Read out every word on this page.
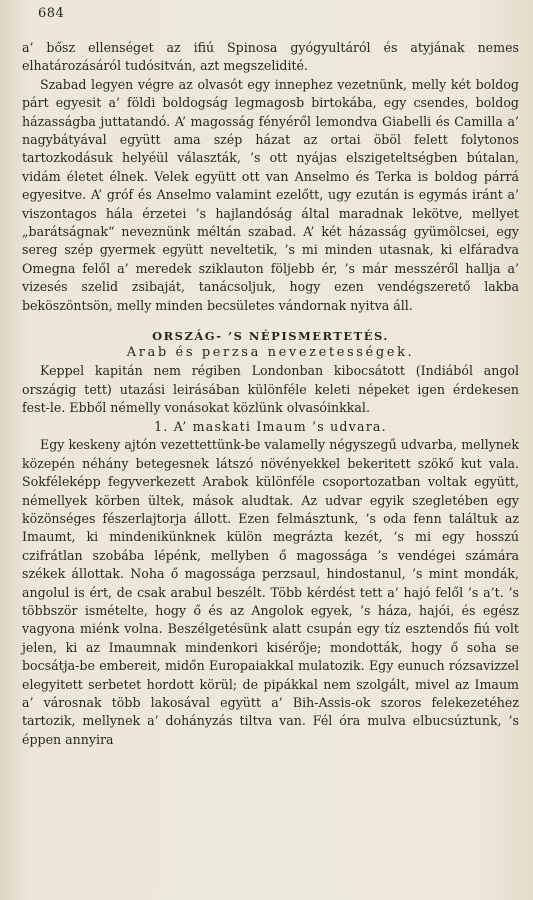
684

a’ bősz ellenséget az ifiú Spinosa gyógyultáról és atyjának nemes elhatározásáról tudósitván, azt megszelidité.

Szabad legyen végre az olvasót egy innephez vezetnünk, melly két boldog párt egyesit a’ földi boldogság legmagosb birtokába, egy csendes, boldog házasságba juttatandó. A’ magosság fényéről lemondva Giabelli és Camilla a’ nagybátyával együtt ama szép házat az ortai öböl felett folytonos tartozkodásuk helyéül választák, ’s ott nyájas elszigeteltségben bútalan, vidám életet élnek. Velek együtt ott van Anselmo és Terka is boldog párrá egyesitve. A’ gróf és Anselmo valamint ezelőtt, ugy ezután is egymás iránt a’ viszontagos hála érzetei ’s hajlandóság által maradnak lekötve, mellyet „barátságnak“ neveznünk méltán szabad. A’ két házasság gyümölcsei, egy sereg szép gyermek együtt neveltetik, ’s mi minden utasnak, ki elfáradva Omegna felől a’ meredek sziklauton följebb ér, ’s már messzéről hallja a’ vizesés szelid zsibaját, tanácsoljuk, hogy ezen vendégszerető lakba beköszöntsön, melly minden becsületes vándornak nyitva áll.

ORSZÁG- ’S NÉPISMERTETÉS.
Arab és perzsa nevezetességek.

Keppel kapitán nem régiben Londonban kibocsátott (Indiából angol országig tett) utazási leirásában különféle keleti népeket igen érdekesen fest-le. Ebből némelly vonásokat közlünk olvasóinkkal.

1. A’ maskati Imaum ’s udvara.

Egy keskeny ajtón vezettettünk-be valamelly négyszegű udvarba, mellynek közepén néhány betegesnek látszó növényekkel bekeritett szökő kut vala. Sokféleképp fegyverkezett Arabok különféle csoportozatban voltak együtt, némellyek körben ültek, mások aludtak. Az udvar egyik szegletében egy közönséges fészerlajtorja állott. Ezen felmásztunk, ’s oda fenn találtuk az Imaumt, ki mindenikünknek külön megrázta kezét, ’s mi egy hosszú czifrátlan szobába lépénk, mellyben ő magossága ’s vendégei számára székek állottak. Noha ő magossága perzsaul, hindostanul, ’s mint mondák, angolul is ért, de csak arabul beszélt. Több kérdést tett a’ hajó felől ’s a’t. ’s többször ismételte, hogy ő és az Angolok egyek, ’s háza, hajói, és egész vagyona miénk volna. Beszélgetésünk alatt csupán egy tíz esztendős fiú volt jelen, ki az Imaumnak mindenkori kisérője; mondották, hogy ő soha se bocsátja-be embereit, midőn Europaiakkal mulatozik. Egy eunuch rózsavizzel elegyitett serbetet hordott körül; de pipákkal nem szolgált, mivel az Imaum a’ városnak több lakosával együtt a’ Bih-Assis-ok szoros felekezetéhez tartozik, mellynek a’ dohányzás tiltva van. Fél óra mulva elbucsúztunk, ’s éppen annyira
